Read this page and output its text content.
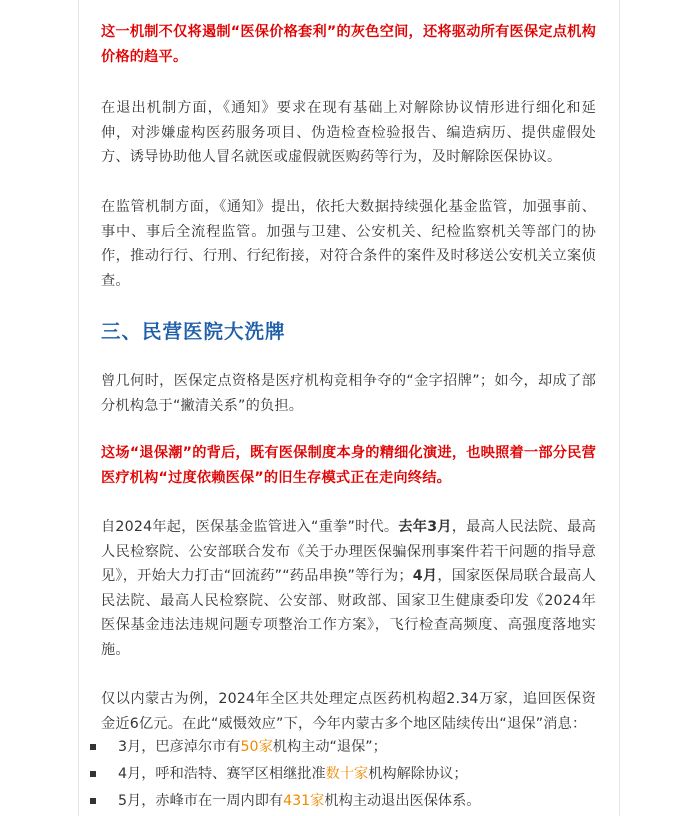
这一机制不仅将遏制“医保价格套利”的灰色空间，还将驱动所有医保定点机构价格的趋平。

在退出机制方面，《通知》要求在现有基础上对解除协议情形进行细化和延伸，对涉嫌虚构医药服务项目、伪造检查检验报告、编造病历、提供虚假处方、诱导协助他人冒名就医或虚假就医购药等行为，及时解除医保协议。

在监管机制方面，《通知》提出，依托大数据持续强化基金监管，加强事前、事中、事后全流程监管。加强与卫建、公安机关、纪检监察机关等部门的协作，推动行行、行刑、行纪衔接，对符合条件的案件及时移送公安机关立案侦查。

三、民营医院大洗牌

曾几何时，医保定点资格是医疗机构竞相争夺的“金字招牌”；如今，却成了部分机构急于“撇清关系”的负担。

这场“退保潮”的背后，既有医保制度本身的精细化演进，也映照着一部分民营医疗机构“过度依赖医保”的旧生存模式正在走向终结。

自2024年起，医保基金监管进入“重拳”时代。去年3月，最高人民法院、最高人民检察院、公安部联合发布《关于办理医保骗保刑事案件若干问题的指导意见》，开始大力打击“回流药”“药品串换”等行为；4月，国家医保局联合最高人民法院、最高人民检察院、公安部、财政部、国家卫生健康委印发《2024年医保基金违法违规问题专项整治工作方案》，飞行检查高频度、高强度落地实施。

仅以内蒙古为例，2024年全区共处理定点医药机构超2.34万家，追回医保资金近6亿元。在此“威慑效应”下，今年内蒙古多个地区陆续传出“退保”消息：

3月，巴彦淖尔市有50家机构主动“退保”；
4月，呼和浩特、赛罕区相继批准数十家机构解除协议；
5月，赤峰市在一周内即有431家机构主动退出医保体系。
